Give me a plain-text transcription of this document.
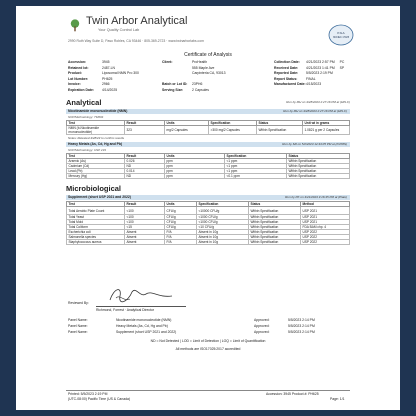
Twin Arbor Analytical
Your Quality Control Lab
2990 Ruth Way Suite D, Paso Robles, CA 93446 · 805-369-2723 · www.twinarborlabs.com
PJLA
ISO/IEC 17025
Certificate of Analysis
Accession:	3945
Retained lot:	2487-LN
Product:	Liposomal NMN Pro 300
Lot Number:	PH625
Invoice:	2966
Expiration Date: 4/14/2025
Client:	ProHealth
555 Maple Ave
Carpinteria CA, 93013
Batch or Lot ID: 23PH6
Serving Size:	2 Capsules
Collection Date: 4/21/2023 2:57 PM PC
Received Date: 4/21/2023 1:41 PM SP
Reported Date: 5/5/2023 2:19 PM
Report Status:	FINAL
Manufactured Date:4/15/2023
Analytical	Run by MH on 4/28/2023 2:27:16 PM at (HPLC)
Nicotinamide mononucleotide (NMN)	Run by MH on 4/28/2023 2:27:16 PM at (HPLC)
SOP/Methodology: TM694
Test	Result	Units	Specification	Status	Unit wt in grams
NMN (b-Nicotinamide mononucleotide)	323	mg/2 Capsules	>300 mg/2 Capsules	Within Specification	1.0821 g per 2 Capsules
Notes: Retested 4/28/23 to confirm results
Heavy Metals (As, Cd, Hg and Pb)	Run by SR on 5/2/2023 12:43:05 PM at (ICPMS)
SOP/Methodology: USP 233
Test	Result	Units	Specification	Status
Arsenic (As)	0.026	ppm	<1 ppm	Within Specification
Cadmium (Cd)	ND	ppm	<1 ppm	Within Specification
Lead (Pb)	0.014	ppm	<1 ppm	Within Specification
Mercury (Hg)	ND	ppm	<0.1 ppm	Within Specification
Microbiological
Supplement (short USP 2021 and 2022)	Run by PK on 4/21/2023 3:16:45 PM at (Plate)
Test	Result	Units	Specification	Status	Method
Total Aerobic Plate Count	<100	CFU/g	<10000 CFU/g	Within Specification	USP 2021
Total Yeast	<100	CFU/g	<1000 CFU/g	Within Specification	USP 2021
Total Mold	<100	CFU/g	<1000 CFU/g	Within Specification	USP 2021
Total Coliform	<15	CFU/g	<10 CFU/g	Within Specification	FDA BAM chp. 4
Escherichia coli	Absent	P/A	Absent in 10g	Within Specification	USP 2022
Salmonella species	Absent	P/A	Absent in 10g	Within Specification	USP 2022
Staphylococcus aureus	Absent	P/A	Absent in 10g	Within Specification	USP 2022
Reviewed By:
Richmond, Forrest · Analytical Director
Panel Name:	Nicotinamide mononucleotide (NMN)	Approved:	5/5/2023 2:14 PM
Panel Name:	Heavy Metals (As, Cd, Hg and Pb)	Approved:	5/5/2023 2:14 PM
Panel Name:	Supplement (short USP 2021 and 2022)	Approved:	5/5/2023 2:14 PM
ND = Not Detected | LOD = Limit of Detection | LOQ = Limit of Quantification
All methods are ISO17025:2017 accredited
Printed: 5/5/2023 2:19 PM
(UTC-08:00) Pacific Time (US & Canada)
Accession: 3945 Product #: PH625
Page: 1/1
